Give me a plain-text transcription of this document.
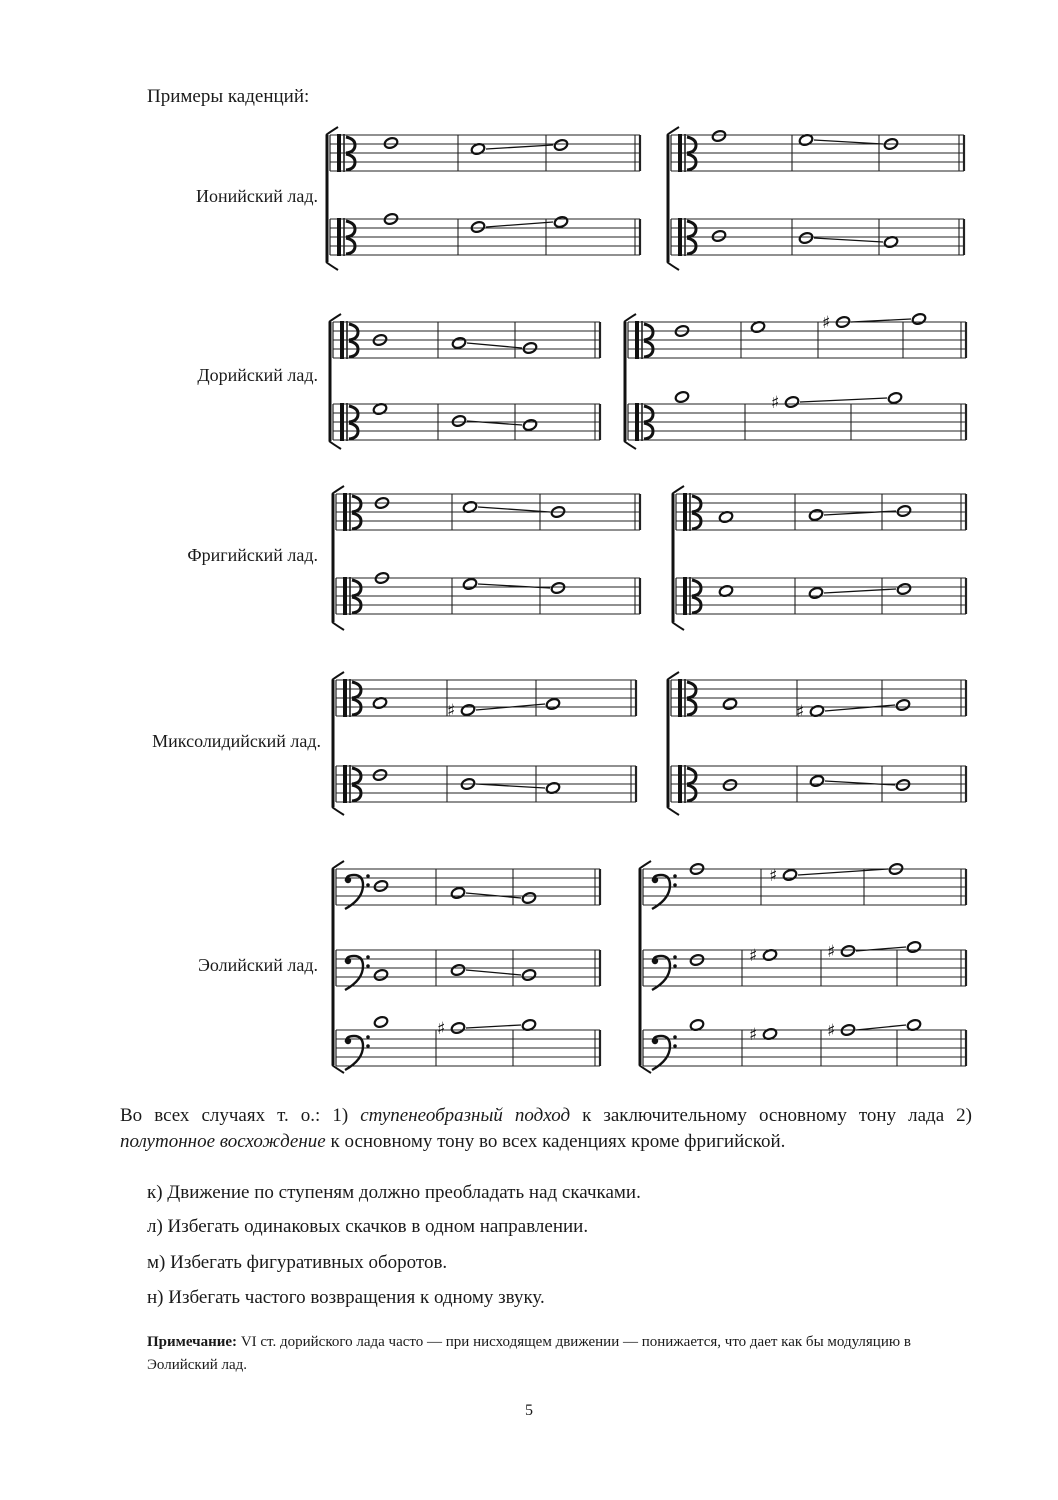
Примеры каденций:
Ионийский лад.
Дорийский лад.
Фригийский лад.
Миксолидийский лад.
Эолийский лад.
♯
♯
♯	♯
♯
♯
♯	♯
♯	♯

Во всех случаях т. о.: 1) ступенеобразный подход к заключительному основному тону лада 2) полутонное восхождение к основному тону во всех каденциях кроме фригийской.

к) Движение по ступеням должно преобладать над скачками.

л) Избегать одинаковых скачков в одном направлении.

м) Избегать фигуративных оборотов.

н) Избегать частого возвращения к одному звуку.

Примечание: VI ст. дорийского лада часто — при нисходящем движении — понижается, что дает как бы модуляцию в Эолийский лад.

5
